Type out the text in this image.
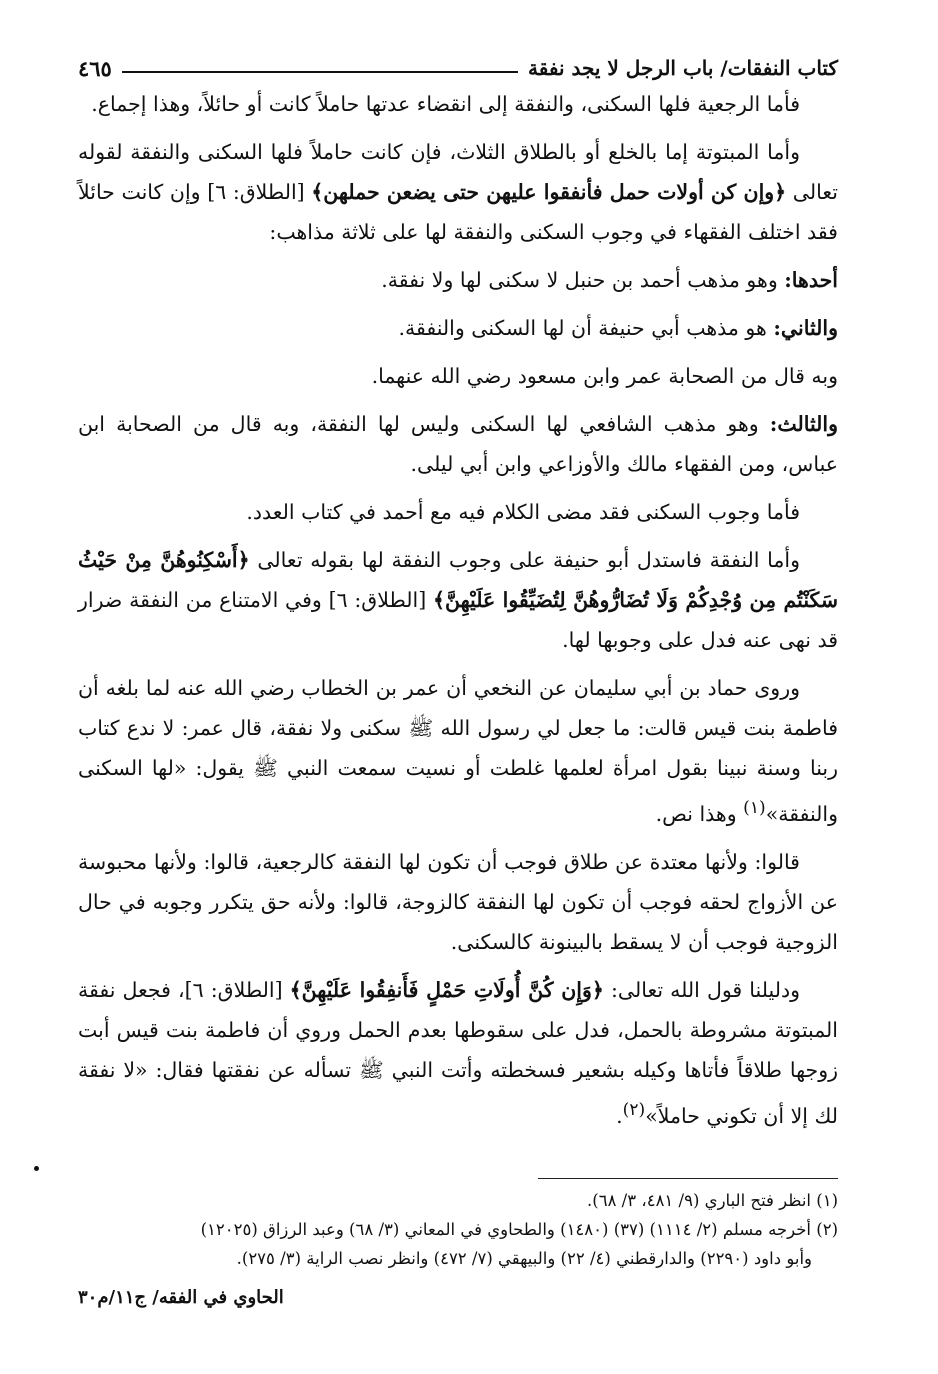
كتاب النفقات/ باب الرجل لا يجد نفقة
٤٦٥

فأما الرجعية فلها السكنى، والنفقة إلى انقضاء عدتها حاملاً كانت أو حائلاً، وهذا إجماع.

وأما المبتوتة إما بالخلع أو بالطلاق الثلاث، فإن كانت حاملاً فلها السكنى والنفقة لقوله تعالى ﴿وإن كن أولات حمل فأنفقوا عليهن حتى يضعن حملهن﴾ [الطلاق: ٦] وإن كانت حائلاً فقد اختلف الفقهاء في وجوب السكنى والنفقة لها على ثلاثة مذاهب:

أحدها: وهو مذهب أحمد بن حنبل لا سكنى لها ولا نفقة.

والثاني: هو مذهب أبي حنيفة أن لها السكنى والنفقة.

وبه قال من الصحابة عمر وابن مسعود رضي الله عنهما.

والثالث: وهو مذهب الشافعي لها السكنى وليس لها النفقة، وبه قال من الصحابة ابن عباس، ومن الفقهاء مالك والأوزاعي وابن أبي ليلى.

فأما وجوب السكنى فقد مضى الكلام فيه مع أحمد في كتاب العدد.

وأما النفقة فاستدل أبو حنيفة على وجوب النفقة لها بقوله تعالى ﴿أَسْكِنُوهُنَّ مِنْ حَيْثُ سَكَنْتُم مِن وُجْدِكُمْ وَلَا تُضَارُّوهُنَّ لِتُضَيِّقُوا عَلَيْهِنَّ﴾ [الطلاق: ٦] وفي الامتناع من النفقة ضرار قد نهى عنه فدل على وجوبها لها.

وروى حماد بن أبي سليمان عن النخعي أن عمر بن الخطاب رضي الله عنه لما بلغه أن فاطمة بنت قيس قالت: ما جعل لي رسول الله ﷺ سكنى ولا نفقة، قال عمر: لا ندع كتاب ربنا وسنة نبينا بقول امرأة لعلمها غلطت أو نسيت سمعت النبي ﷺ يقول: «لها السكنى والنفقة»$^{(١)}$ وهذا نص.

قالوا: ولأنها معتدة عن طلاق فوجب أن تكون لها النفقة كالرجعية، قالوا: ولأنها محبوسة عن الأزواج لحقه فوجب أن تكون لها النفقة كالزوجة، قالوا: ولأنه حق يتكرر وجوبه في حال الزوجية فوجب أن لا يسقط بالبينونة كالسكنى.

ودليلنا قول الله تعالى: ﴿وَإِن كُنَّ أُولَاتِ حَمْلٍ فَأَنفِقُوا عَلَيْهِنَّ﴾ [الطلاق: ٦]، فجعل نفقة المبتوتة مشروطة بالحمل، فدل على سقوطها بعدم الحمل وروي أن فاطمة بنت قيس أبت زوجها طلاقاً فأتاها وكيله بشعير فسخطته وأتت النبي ﷺ تسأله عن نفقتها فقال: «لا نفقة لك إلا أن تكوني حاملاً»$^{(٢)}$.

(١) انظر فتح الباري (٩/ ٤٨١، ٣/ ٦٨).

(٢) أخرجه مسلم (٢/ ١١١٤) (٣٧) (١٤٨٠) والطحاوي في المعاني (٣/ ٦٨) وعبد الرزاق (١٢٠٢٥)

وأبو داود (٢٢٩٠) والدارقطني (٤/ ٢٢) والبيهقي (٧/ ٤٧٢) وانظر نصب الراية (٣/ ٢٧٥).

الحاوي في الفقه/ ج١١/م٣٠
